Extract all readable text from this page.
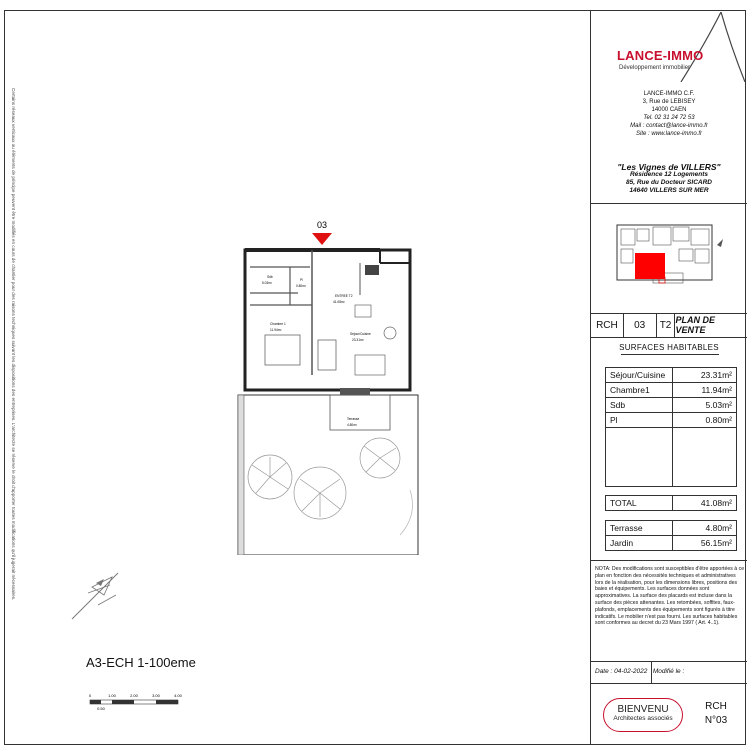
Certains réseaux verticaux ou éléments de principe peuvent être modifiés en cours de chantier pour des raisons techniques suivant les dispositions des entreprises. L'architecte se réserve le droit d'apporter toutes modifications qu'il jugerait nécessaires.	03
Sdb
5.03m²
Pl
0.80m²
ENTREE T2
41.08m²
Chambre 1
11.94m²
Séjour/Cuisine
23.31m²
Terrasse
4.80m²
A3-ECH 1-100eme
0	1.00	2.00	3.00	4.00
0.50
LANCE-IMMO
Développement immobilier
LANCE-IMMO C.F.
3, Rue de LEBISEY
14000 CAEN
Tel. 02 31 24 72 53
Mail : contact@lance-immo.fr
Site : www.lance-immo.fr
"Les Vignes de VILLERS"
Résidence 12 Logements
85, Rue du Docteur SICARD
14640 VILLERS SUR MER
RCH	03	T2 PLAN DE VENTE
SURFACES HABITABLES
Séjour/Cuisine	23.31m²
Chambre1	11.94m²
Sdb	5.03m²
Pl	0.80m²

TOTAL	41.08m²
Terrasse	4.80m²
Jardin	56.15m²
NOTA: Des modifications sont susceptibles d'être apportées à ce plan en fonction des nécessités techniques et administratives lors de la réalisation, pour les dimensions libres, positions des baies et équipements. Les surfaces données sont approximatives. La surface des placards est incluse dans la surface des pièces attenantes. Les retombées, soffites, faux-plafonds, emplacements des équipements sont figurés à titre indicatifs. Le mobilier n'est pas fourni. Les surfaces habitables sont conformes au decret du 23 Mars 1997 ( Art. 4..1).
Date : 04-02-2022 Modifié le :
BIENVENU
Architectes associés
RCH
N°03
